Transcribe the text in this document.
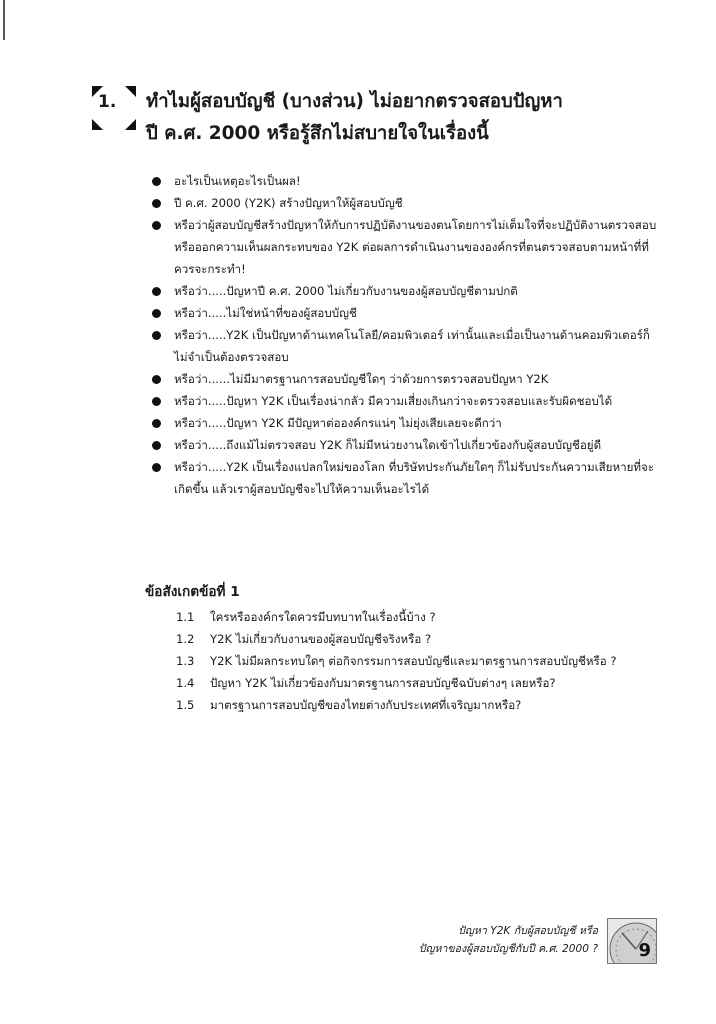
1. ทำไมผู้สอบบัญชี (บางส่วน) ไม่อยากตรวจสอบปัญหา
ปี ค.ศ. 2000 หรือรู้สึกไม่สบายใจในเรื่องนี้
อะไรเป็นเหตุอะไรเป็นผล!
ปี ค.ศ. 2000 (Y2K) สร้างปัญหาให้ผู้สอบบัญชี
หรือว่าผู้สอบบัญชีสร้างปัญหาให้กับการปฏิบัติงานของตนโดยการไม่เต็มใจที่จะปฏิบัติงานตรวจสอบ หรือออกความเห็นผลกระทบของ Y2K ต่อผลการดำเนินงานขององค์กรที่ตนตรวจสอบตามหน้าที่ที่ควรจะกระทำ!
หรือว่า.....ปัญหาปี ค.ศ. 2000 ไม่เกี่ยวกับงานของผู้สอบบัญชีตามปกติ
หรือว่า.....ไม่ใช่หน้าที่ของผู้สอบบัญชี
หรือว่า.....Y2K เป็นปัญหาด้านเทคโนโลยี/คอมพิวเตอร์ เท่านั้นและเมื่อเป็นงานด้านคอมพิวเตอร์ก็ไม่จำเป็นต้องตรวจสอบ
หรือว่า......ไม่มีมาตรฐานการสอบบัญชีใดๆ ว่าด้วยการตรวจสอบปัญหา Y2K
หรือว่า.....ปัญหา Y2K เป็นเรื่องน่ากลัว มีความเสี่ยงเกินกว่าจะตรวจสอบและรับผิดชอบได้
หรือว่า.....ปัญหา Y2K มีปัญหาต่อองค์กรแน่ๆ ไม่ยุ่งเสียเลยจะดีกว่า
หรือว่า.....ถึงแม้ไม่ตรวจสอบ Y2K ก็ไม่มีหน่วยงานใดเข้าไปเกี่ยวข้องกับผู้สอบบัญชีอยู่ดี
หรือว่า.....Y2K เป็นเรื่องแปลกใหม่ของโลก ที่บริษัทประกันภัยใดๆ ก็ไม่รับประกันความเสียหายที่จะเกิดขึ้น แล้วเราผู้สอบบัญชีจะไปให้ความเห็นอะไรได้
ข้อสังเกตข้อที่ 1
1.1 ใครหรือองค์กรใดควรมีบทบาทในเรื่องนี้บ้าง ?
1.2 Y2K ไม่เกี่ยวกับงานของผู้สอบบัญชีจริงหรือ ?
1.3 Y2K ไม่มีผลกระทบใดๆ ต่อกิจกรรมการสอบบัญชีและมาตรฐานการสอบบัญชีหรือ ?
1.4 ปัญหา Y2K ไม่เกี่ยวข้องกับมาตรฐานการสอบบัญชีฉบับต่างๆ เลยหรือ?
1.5 มาตรฐานการสอบบัญชีของไทยต่างกับประเทศที่เจริญมากหรือ?
ปัญหา Y2K กับผู้สอบบัญชี หรือ
ปัญหาของผู้สอบบัญชีกับปี ค.ศ. 2000 ? 9
